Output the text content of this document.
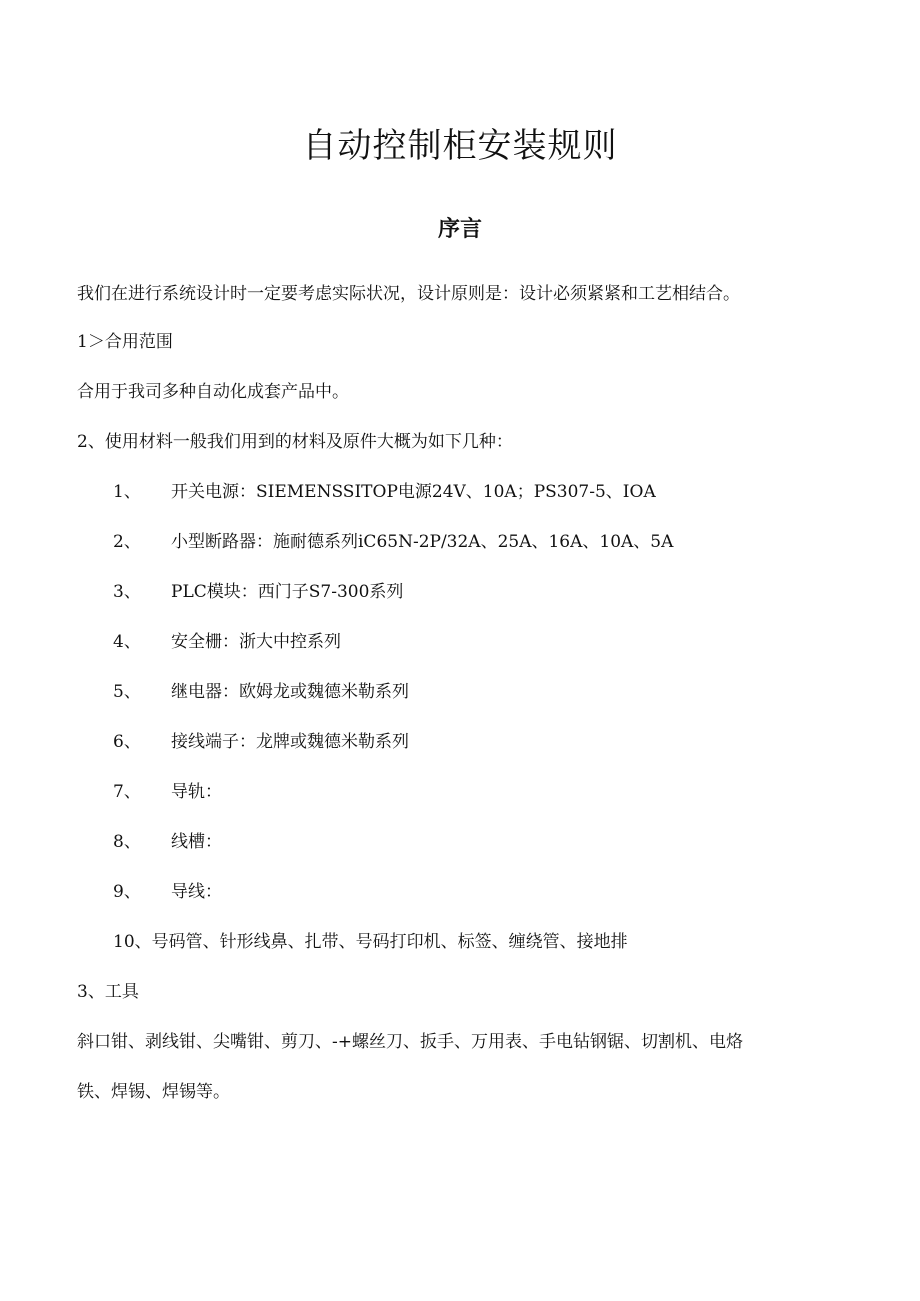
自动控制柜安装规则
序言
我们在进行系统设计时一定要考虑实际状况，设计原则是：设计必须紧紧和工艺相结合。
1＞合用范围
合用于我司多种自动化成套产品中。
2、使用材料一般我们用到的材料及原件大概为如下几种：
1、 开关电源：SIEMENSSITOP电源24V、10A；PS307-5、IOA
2、 小型断路器：施耐德系列iC65N-2P/32A、25A、16A、10A、5A
3、 PLC模块：西门子S7-300系列
4、 安全栅：浙大中控系列
5、 继电器：欧姆龙或魏德米勒系列
6、 接线端子：龙牌或魏德米勒系列
7、 导轨：
8、 线槽：
9、 导线：
10、号码管、针形线鼻、扎带、号码打印机、标签、缠绕管、接地排
3、工具
斜口钳、剥线钳、尖嘴钳、剪刀、-+螺丝刀、扳手、万用表、手电钻钢锯、切割机、电烙
铁、焊锡、焊锡等。
